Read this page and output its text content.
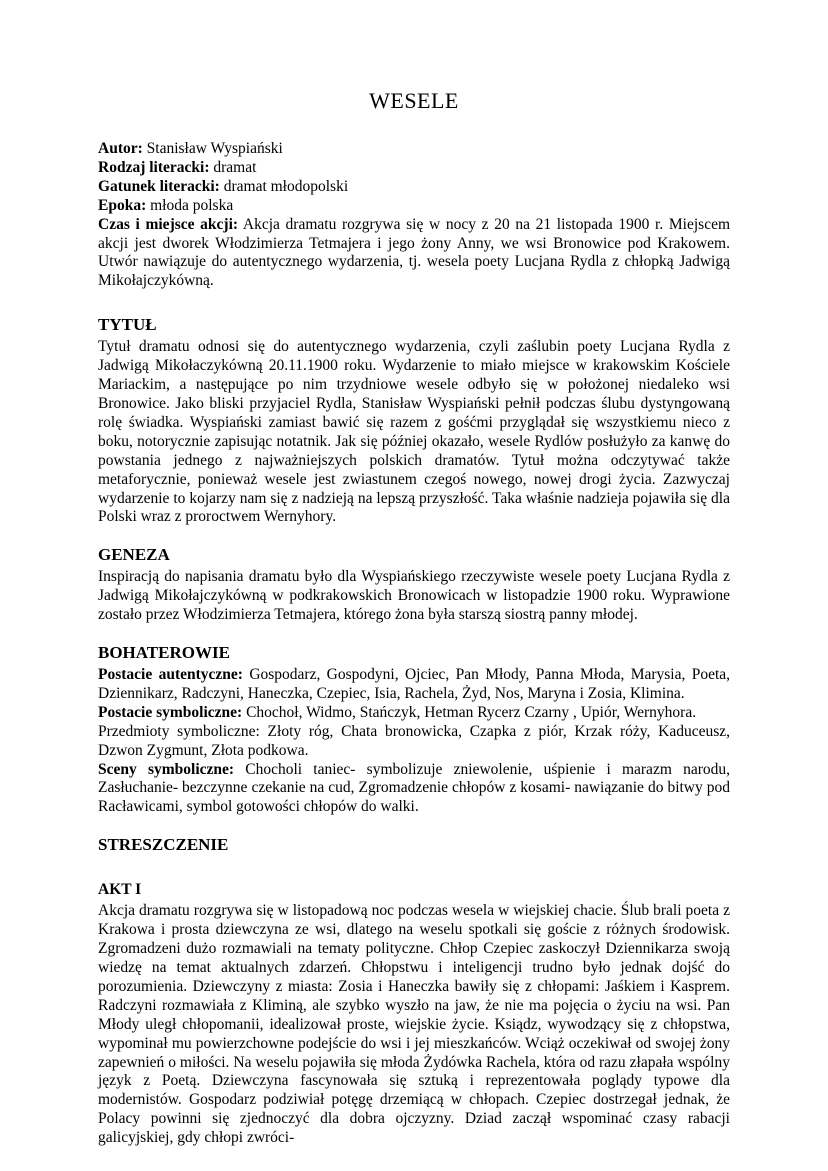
WESELE
Autor: Stanisław Wyspiański
Rodzaj literacki: dramat
Gatunek literacki: dramat młodopolski
Epoka: młoda polska
Czas i miejsce akcji: Akcja dramatu rozgrywa się w nocy z 20 na 21 listopada 1900 r. Miejscem akcji jest dworek Włodzimierza Tetmajera i jego żony Anny, we wsi Bronowice pod Krakowem. Utwór nawiązuje do autentycznego wydarzenia, tj. wesela poety Lucjana Rydla z chłopką Jadwigą Mikołajczykówną.
TYTUŁ

Tytuł dramatu odnosi się do autentycznego wydarzenia, czyli zaślubin poety Lucjana Rydla z Jadwigą Mikołaczykówną 20.11.1900 roku. Wydarzenie to miało miejsce w krakowskim Kościele Mariackim, a następujące po nim trzydniowe wesele odbyło się w położonej niedaleko wsi Bronowice. Jako bliski przyjaciel Rydla, Stanisław Wyspiański pełnił podczas ślubu dystyngowaną rolę świadka. Wyspiański zamiast bawić się razem z gośćmi przyglądał się wszystkiemu nieco z boku, notorycznie zapisując notatnik. Jak się później okazało, wesele Rydlów posłużyło za kanwę do powstania jednego z najważniejszych polskich dramatów. Tytuł można odczytywać także metaforycznie, ponieważ wesele jest zwiastunem czegoś nowego, nowej drogi życia. Zazwyczaj wydarzenie to kojarzy nam się z nadzieją na lepszą przyszłość. Taka właśnie nadzieja pojawiła się dla Polski wraz z proroctwem Wernyhory.

GENEZA

Inspiracją do napisania dramatu było dla Wyspiańskiego rzeczywiste wesele poety Lucjana Rydla z Jadwigą Mikołajczykówną w podkrakowskich Bronowicach w listopadzie 1900 roku. Wyprawione zostało przez Włodzimierza Tetmajera, którego żona była starszą siostrą panny młodej.

BOHATEROWIE

Postacie autentyczne: Gospodarz, Gospodyni, Ojciec, Pan Młody, Panna Młoda, Marysia, Poeta, Dziennikarz, Radczyni, Haneczka, Czepiec, Isia, Rachela, Żyd, Nos, Maryna i Zosia, Klimina.

Postacie symboliczne: Chochoł, Widmo, Stańczyk, Hetman Rycerz Czarny , Upiór, Wernyhora.

Przedmioty symboliczne: Złoty róg, Chata bronowicka, Czapka z piór, Krzak róży, Kaduceusz, Dzwon Zygmunt, Złota podkowa.

Sceny symboliczne: Chocholi taniec- symbolizuje zniewolenie, uśpienie i marazm narodu, Zasłuchanie- bezczynne czekanie na cud, Zgromadzenie chłopów z kosami- nawiązanie do bitwy pod Racławicami, symbol gotowości chłopów do walki.

STRESZCZENIE
AKT I

Akcja dramatu rozgrywa się w listopadową noc podczas wesela w wiejskiej chacie. Ślub brali poeta z Krakowa i prosta dziewczyna ze wsi, dlatego na weselu spotkali się goście z różnych środowisk. Zgromadzeni dużo rozmawiali na tematy polityczne. Chłop Czepiec zaskoczył Dziennikarza swoją wiedzę na temat aktualnych zdarzeń. Chłopstwu i inteligencji trudno było jednak dojść do porozumienia. Dziewczyny z miasta: Zosia i Haneczka bawiły się z chłopami: Jaśkiem i Kasprem. Radczyni rozmawiała z Kliminą, ale szybko wyszło na jaw, że nie ma pojęcia o życiu na wsi. Pan Młody uległ chłopomanii, idealizował proste, wiejskie życie. Ksiądz, wywodzący się z chłopstwa, wypominał mu powierzchowne podejście do wsi i jej mieszkańców. Wciąż oczekiwał od swojej żony zapewnień o miłości. Na weselu pojawiła się młoda Żydówka Rachela, która od razu złapała wspólny język z Poetą. Dziewczyna fascynowała się sztuką i reprezentowała poglądy typowe dla modernistów. Gospodarz podziwiał potęgę drzemiącą w chłopach. Czepiec dostrzegał jednak, że Polacy powinni się zjednoczyć dla dobra ojczyzny. Dziad zaczął wspominać czasy rabacji galicyjskiej, gdy chłopi zwróci-
